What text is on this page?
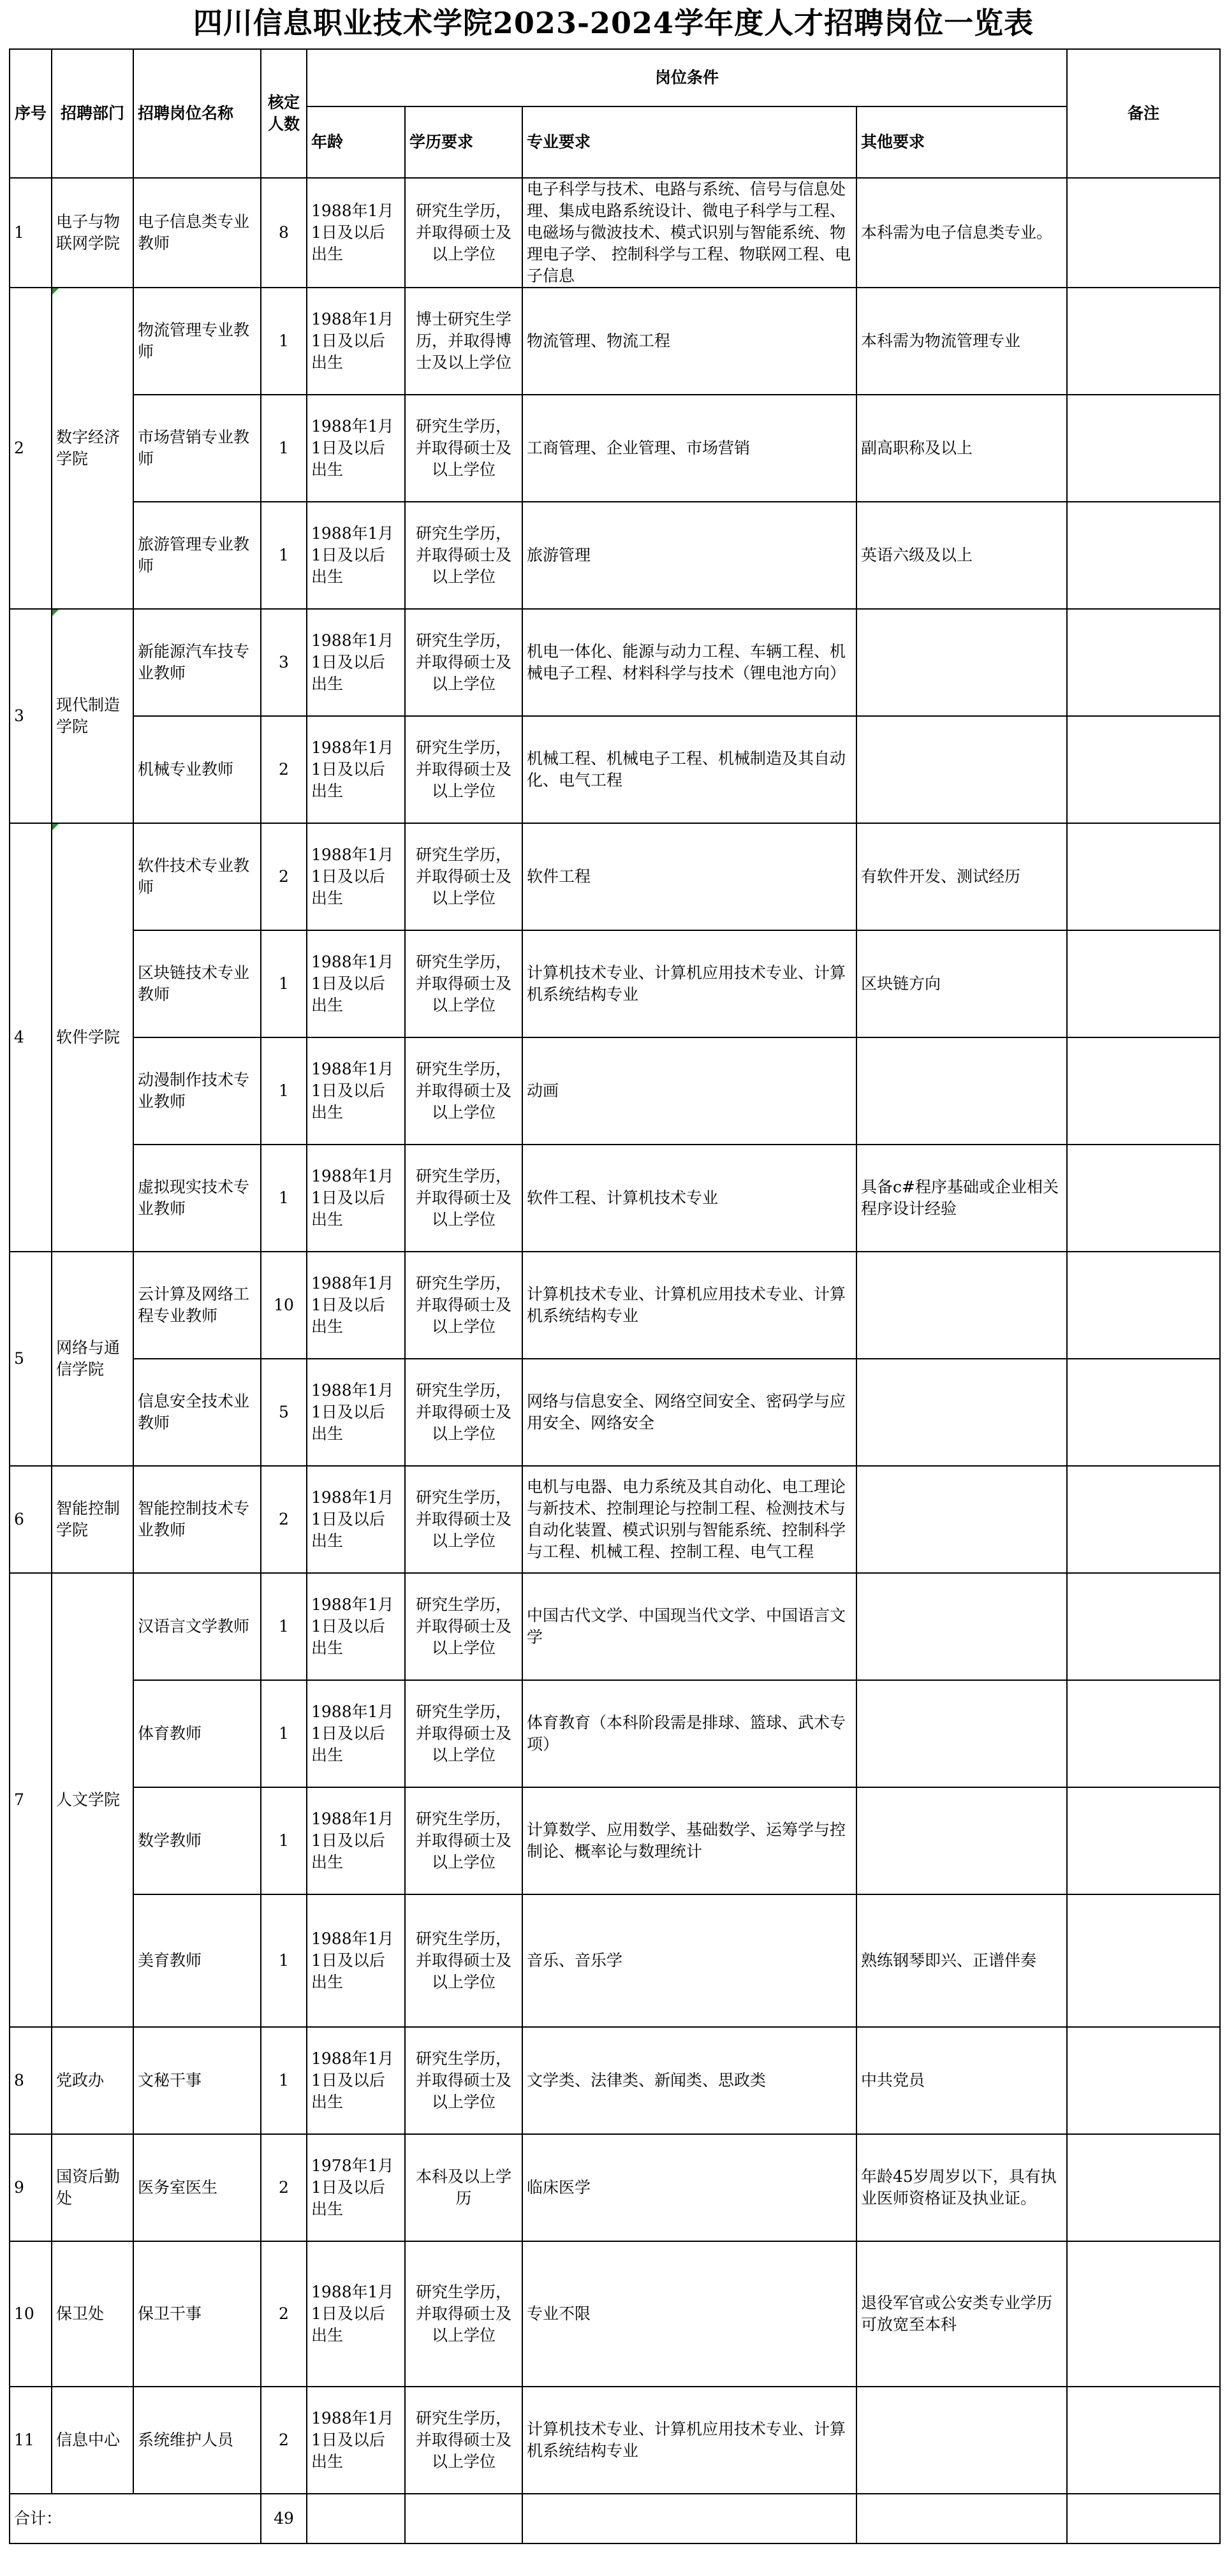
四川信息职业技术学院2023-2024学年度人才招聘岗位一览表
序号	招聘部门	招聘岗位名称	核定人数	岗位条件				备注
				年龄	学历要求	专业要求	其他要求	
1	电子与物联网学院	电子信息类专业教师	8	1988年1月1日及以后出生	研究生学历，并取得硕士及以上学位	电子科学与技术、电路与系统、信号与信息处理、集成电路系统设计、微电子科学与工程、电磁场与微波技术、模式识别与智能系统、物理电子学、 控制科学与工程、物联网工程、电子信息	本科需为电子信息类专业。	
2	数字经济学院	物流管理专业教师	1	1988年1月1日及以后出生	博士研究生学历，并取得博士及以上学位	物流管理、物流工程	本科需为物流管理专业	
		市场营销专业教师	1	1988年1月1日及以后出生	研究生学历，并取得硕士及以上学位	工商管理、企业管理、市场营销	副高职称及以上	
		旅游管理专业教师	1	1988年1月1日及以后出生	研究生学历，并取得硕士及以上学位	旅游管理	英语六级及以上	
3	现代制造学院	新能源汽车技专业教师	3	1988年1月1日及以后出生	研究生学历，并取得硕士及以上学位	机电一体化、能源与动力工程、车辆工程、机械电子工程、材料科学与技术（锂电池方向）		
		机械专业教师	2	1988年1月1日及以后出生	研究生学历，并取得硕士及以上学位	机械工程、机械电子工程、机械制造及其自动化、电气工程		
4	软件学院	软件技术专业教师	2	1988年1月1日及以后出生	研究生学历，并取得硕士及以上学位	软件工程	有软件开发、测试经历	
		区块链技术专业教师	1	1988年1月1日及以后出生	研究生学历，并取得硕士及以上学位	计算机技术专业、计算机应用技术专业、计算机系统结构专业	区块链方向	
		动漫制作技术专业教师	1	1988年1月1日及以后出生	研究生学历，并取得硕士及以上学位	动画		
		虚拟现实技术专业教师	1	1988年1月1日及以后出生	研究生学历，并取得硕士及以上学位	软件工程、计算机技术专业	具备c#程序基础或企业相关程序设计经验	
5	网络与通信学院	云计算及网络工程专业教师	10	1988年1月1日及以后出生	研究生学历，并取得硕士及以上学位	计算机技术专业、计算机应用技术专业、计算机系统结构专业		
		信息安全技术业教师	5	1988年1月1日及以后出生	研究生学历，并取得硕士及以上学位	网络与信息安全、网络空间安全、密码学与应用安全、网络安全		
6	智能控制学院	智能控制技术专业教师	2	1988年1月1日及以后出生	研究生学历，并取得硕士及以上学位	电机与电器、电力系统及其自动化、电工理论与新技术、控制理论与控制工程、检测技术与自动化装置、模式识别与智能系统、控制科学与工程、机械工程、控制工程、电气工程		
7	人文学院	汉语言文学教师	1	1988年1月1日及以后出生	研究生学历，并取得硕士及以上学位	中国古代文学、中国现当代文学、中国语言文学		
		体育教师	1	1988年1月1日及以后出生	研究生学历，并取得硕士及以上学位	体育教育（本科阶段需是排球、篮球、武术专项）		
		数学教师	1	1988年1月1日及以后出生	研究生学历，并取得硕士及以上学位	计算数学、应用数学、基础数学、运筹学与控制论、概率论与数理统计		
		美育教师	1	1988年1月1日及以后出生	研究生学历，并取得硕士及以上学位	音乐、音乐学	熟练钢琴即兴、正谱伴奏	
8	党政办	文秘干事	1	1988年1月1日及以后出生	研究生学历，并取得硕士及以上学位	文学类、法律类、新闻类、思政类	中共党员	
9	国资后勤处	医务室医生	2	1978年1月1日及以后出生	本科及以上学历	临床医学	年龄45岁周岁以下，具有执业医师资格证及执业证。	
10	保卫处	保卫干事	2	1988年1月1日及以后出生	研究生学历，并取得硕士及以上学位	专业不限	退役军官或公安类专业学历可放宽至本科	
11	信息中心	系统维护人员	2	1988年1月1日及以后出生	研究生学历，并取得硕士及以上学位	计算机技术专业、计算机应用技术专业、计算机系统结构专业		
合计：			49					
